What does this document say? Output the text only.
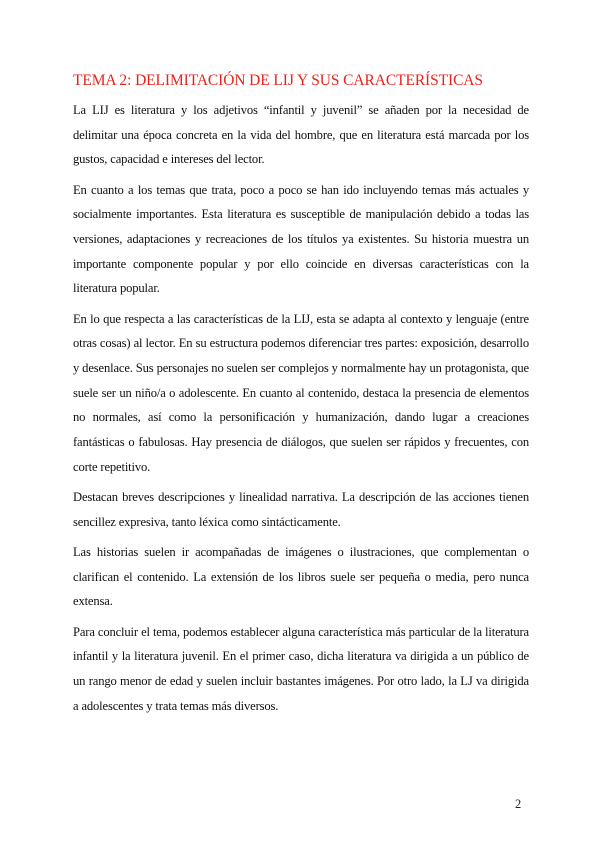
TEMA 2: DELIMITACIÓN DE LIJ Y SUS CARACTERÍSTICAS

La LIJ es literatura y los adjetivos “infantil y juvenil” se añaden por la necesidad de delimitar una época concreta en la vida del hombre, que en literatura está marcada por los gustos, capacidad e intereses del lector.

En cuanto a los temas que trata, poco a poco se han ido incluyendo temas más actuales y socialmente importantes. Esta literatura es susceptible de manipulación debido a todas las versiones, adaptaciones y recreaciones de los títulos ya existentes. Su historia muestra un importante componente popular y por ello coincide en diversas características con la literatura popular.

En lo que respecta a las características de la LIJ, esta se adapta al contexto y lenguaje (entre otras cosas) al lector. En su estructura podemos diferenciar tres partes: exposición, desarrollo y desenlace. Sus personajes no suelen ser complejos y normalmente hay un protagonista, que suele ser un niño/a o adolescente. En cuanto al contenido, destaca la presencia de elementos no normales, así como la personificación y humanización, dando lugar a creaciones fantásticas o fabulosas. Hay presencia de diálogos, que suelen ser rápidos y frecuentes, con corte repetitivo.

Destacan breves descripciones y linealidad narrativa. La descripción de las acciones tienen sencillez expresiva, tanto léxica como sintácticamente.

Las historias suelen ir acompañadas de imágenes o ilustraciones, que complementan o clarifican el contenido. La extensión de los libros suele ser pequeña o media, pero nunca extensa.

Para concluir el tema, podemos establecer alguna característica más particular de la literatura infantil y la literatura juvenil. En el primer caso, dicha literatura va dirigida a un público de un rango menor de edad y suelen incluir bastantes imágenes. Por otro lado, la LJ va dirigida a adolescentes y trata temas más diversos.

2
